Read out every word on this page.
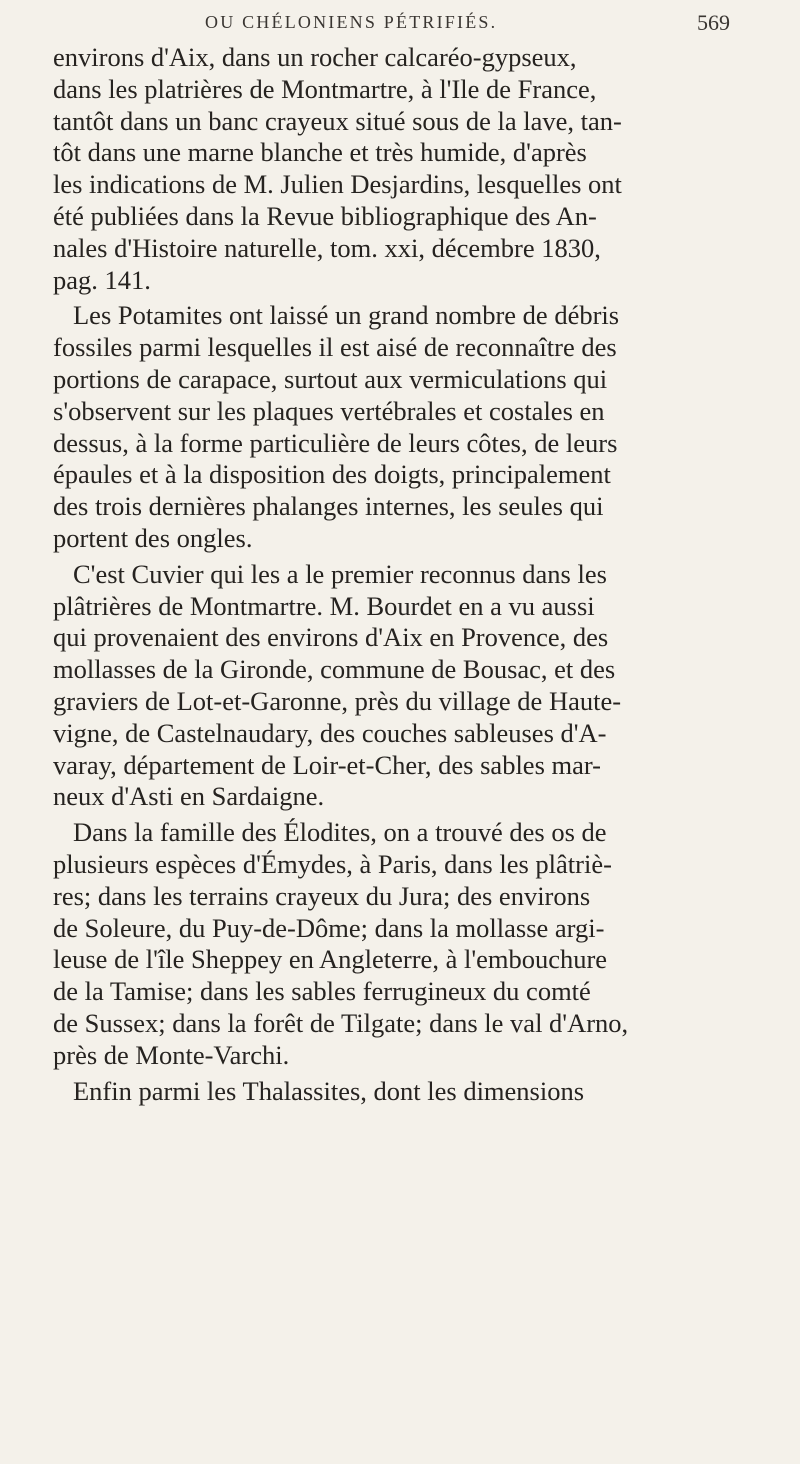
OU CHÉLONIENS PÉTRIFIÉS.	569
environs d'Aix, dans un rocher calcaréo-gypseux,
dans les platrières de Montmartre, à l'Ile de France,
tantôt dans un banc crayeux situé sous de la lave, tan-
tôt dans une marne blanche et très humide, d'après
les indications de M. Julien Desjardins, lesquelles ont
été publiées dans la Revue bibliographique des An-
nales d'Histoire naturelle, tom. xxi, décembre 1830,
pag. 141.
Les Potamites ont laissé un grand nombre de débris
fossiles parmi lesquelles il est aisé de reconnaître des
portions de carapace, surtout aux vermiculations qui
s'observent sur les plaques vertébrales et costales en
dessus, à la forme particulière de leurs côtes, de leurs
épaules et à la disposition des doigts, principalement
des trois dernières phalanges internes, les seules qui
portent des ongles.
C'est Cuvier qui les a le premier reconnus dans les
plâtrières de Montmartre. M. Bourdet en a vu aussi
qui provenaient des environs d'Aix en Provence, des
mollasses de la Gironde, commune de Bousac, et des
graviers de Lot-et-Garonne, près du village de Haute-
vigne, de Castelnaudary, des couches sableuses d'A-
varay, département de Loir-et-Cher, des sables mar-
neux d'Asti en Sardaigne.
Dans la famille des Élodites, on a trouvé des os de
plusieurs espèces d'Émydes, à Paris, dans les plâtriè-
res; dans les terrains crayeux du Jura; des environs
de Soleure, du Puy-de-Dôme; dans la mollasse argi-
leuse de l'île Sheppey en Angleterre, à l'embouchure
de la Tamise; dans les sables ferrugineux du comté
de Sussex; dans la forêt de Tilgate; dans le val d'Arno,
près de Monte-Varchi.
Enfin parmi les Thalassites, dont les dimensions
